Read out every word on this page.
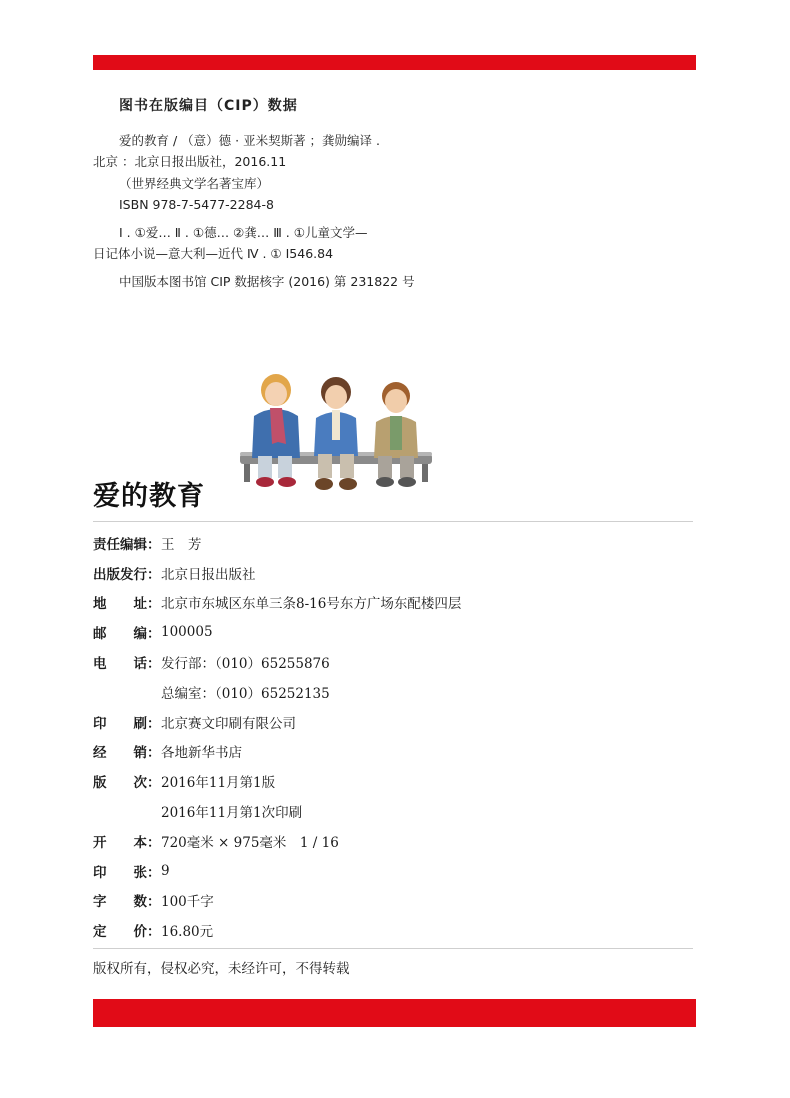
图书在版编目（CIP）数据
爱的教育 / （意）德 · 亚米契斯著 ；龚勋编译 .
北京 ：北京日报出版社，2016.11
（世界经典文学名著宝库）
ISBN 978-7-5477-2284-8
Ⅰ . ①爱… Ⅱ . ①德… ②龚… Ⅲ . ①儿童文学—
日记体小说—意大利—近代 Ⅳ . ① I546.84
中国版本图书馆 CIP 数据核字 (2016) 第 231822 号
爱的教育
责任编辑 ： 王　芳
出版发行 ： 北京日报出版社
地 址 ： 北京市东城区东单三条8-16号东方广场东配楼四层
邮 编 ： 100005
电 话 ： 发行部：（010）65255876
总编室：（010）65252135
印 刷 ： 北京赛文印刷有限公司
经 销 ： 各地新华书店
版 次 ： 2016年11月第1版
2016年11月第1次印刷
开 本 ： 720毫米 × 975毫米　1 / 16
印 张 ： 9
字 数 ： 100千字
定 价 ： 16.80元
版权所有，侵权必究，未经许可，不得转载
